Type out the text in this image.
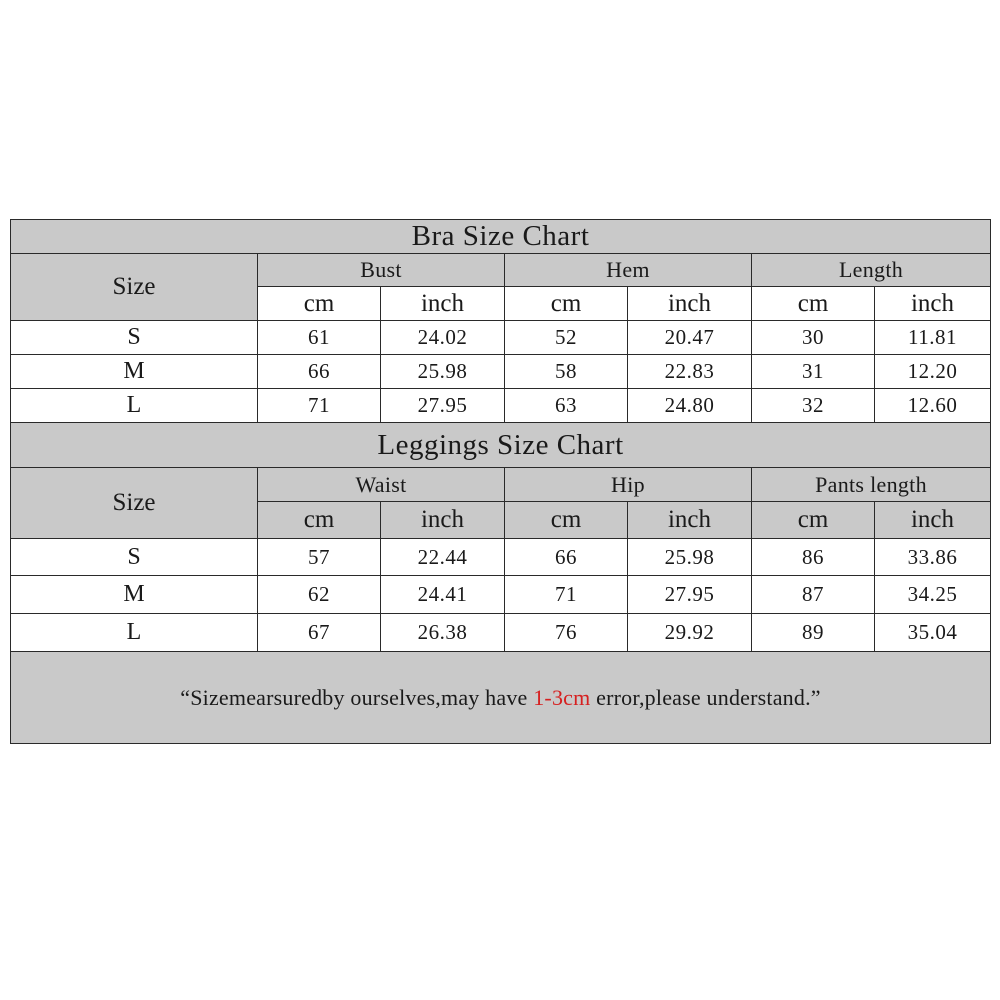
Bra Size Chart						
Size	Bust		Hem		Length	
	cm	inch	cm	inch	cm	inch
S	61	24.02	52	20.47	30	11.81
M	66	25.98	58	22.83	31	12.20
L	71	27.95	63	24.80	32	12.60
Leggings Size Chart						
Size	Waist		Hip		Pants length	
	cm	inch	cm	inch	cm	inch
S	57	22.44	66	25.98	86	33.86
M	62	24.41	71	27.95	87	34.25
L	67	26.38	76	29.92	89	35.04
“Sizemearsuredby ourselves,may have 1-3cm error,please understand.”						
